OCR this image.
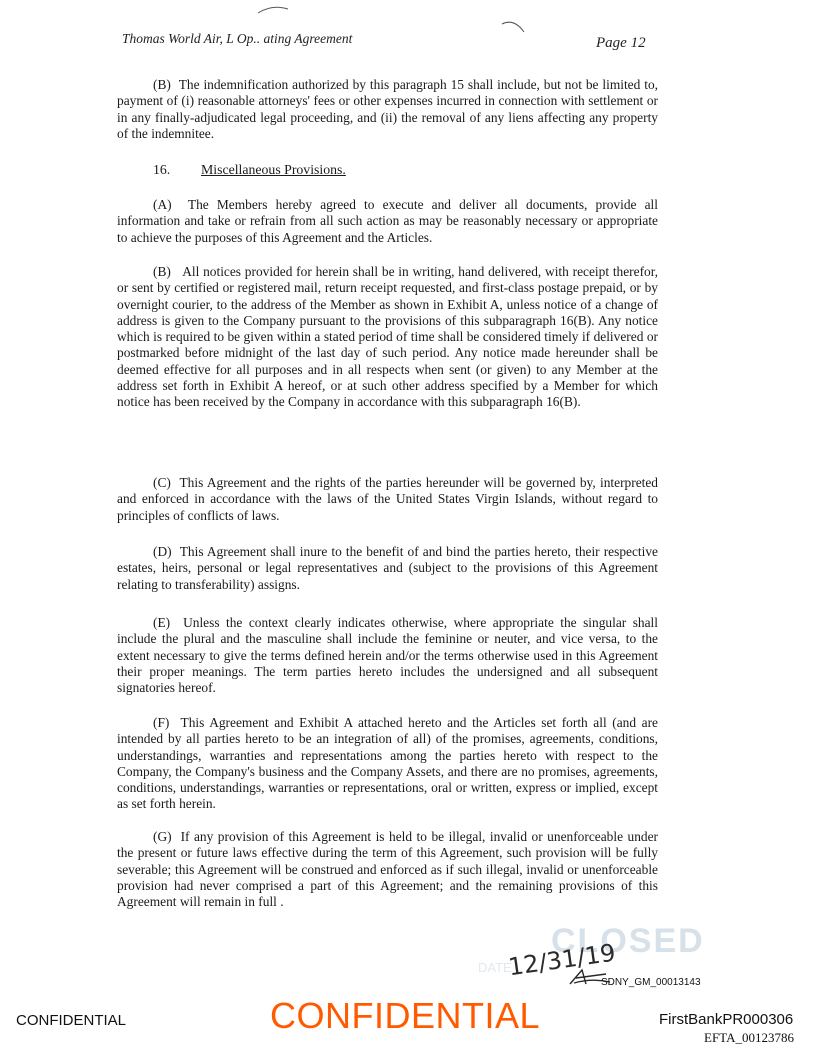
Thomas World Air, L Op.. ating Agreement	Page 12

(B) The indemnification authorized by this paragraph 15 shall include, but not be limited to, payment of (i) reasonable attorneys' fees or other expenses incurred in connection with settlement or in any finally-adjudicated legal proceeding, and (ii) the removal of any liens affecting any property of the indemnitee.

16. Miscellaneous Provisions.

(A) The Members hereby agreed to execute and deliver all documents, provide all information and take or refrain from all such action as may be reasonably necessary or appropriate to achieve the purposes of this Agreement and the Articles.

(B) All notices provided for herein shall be in writing, hand delivered, with receipt therefor, or sent by certified or registered mail, return receipt requested, and first-class postage prepaid, or by overnight courier, to the address of the Member as shown in Exhibit A, unless notice of a change of address is given to the Company pursuant to the provisions of this subparagraph 16(B). Any notice which is required to be given within a stated period of time shall be considered timely if delivered or postmarked before midnight of the last day of such period. Any notice made hereunder shall be deemed effective for all purposes and in all respects when sent (or given) to any Member at the address set forth in Exhibit A hereof, or at such other address specified by a Member for which notice has been received by the Company in accordance with this subparagraph 16(B).

(C) This Agreement and the rights of the parties hereunder will be governed by, interpreted and enforced in accordance with the laws of the United States Virgin Islands, without regard to principles of conflicts of laws.

(D) This Agreement shall inure to the benefit of and bind the parties hereto, their respective estates, heirs, personal or legal representatives and (subject to the provisions of this Agreement relating to transferability) assigns.

(E) Unless the context clearly indicates otherwise, where appropriate the singular shall include the plural and the masculine shall include the feminine or neuter, and vice versa, to the extent necessary to give the terms defined herein and/or the terms otherwise used in this Agreement their proper meanings. The term parties hereto includes the undersigned and all subsequent signatories hereof.

(F) This Agreement and Exhibit A attached hereto and the Articles set forth all (and are intended by all parties hereto to be an integration of all) of the promises, agreements, conditions, understandings, warranties and representations among the parties hereto with respect to the Company, the Company's business and the Company Assets, and there are no promises, agreements, conditions, understandings, warranties or representations, oral or written, express or implied, except as set forth herein.

(G) If any provision of this Agreement is held to be illegal, invalid or unenforceable under the present or future laws effective during the term of this Agreement, such provision will be fully severable; this Agreement will be construed and enforced as if such illegal, invalid or unenforceable provision had never comprised a part of this Agreement; and the remaining provisions of this Agreement will remain in full .

CLOSED
DATE
12/31/19
SDNY_GM_00013143
CONFIDENTIAL
CONFIDENTIAL	FirstBankPR000306
EFTA_00123786
